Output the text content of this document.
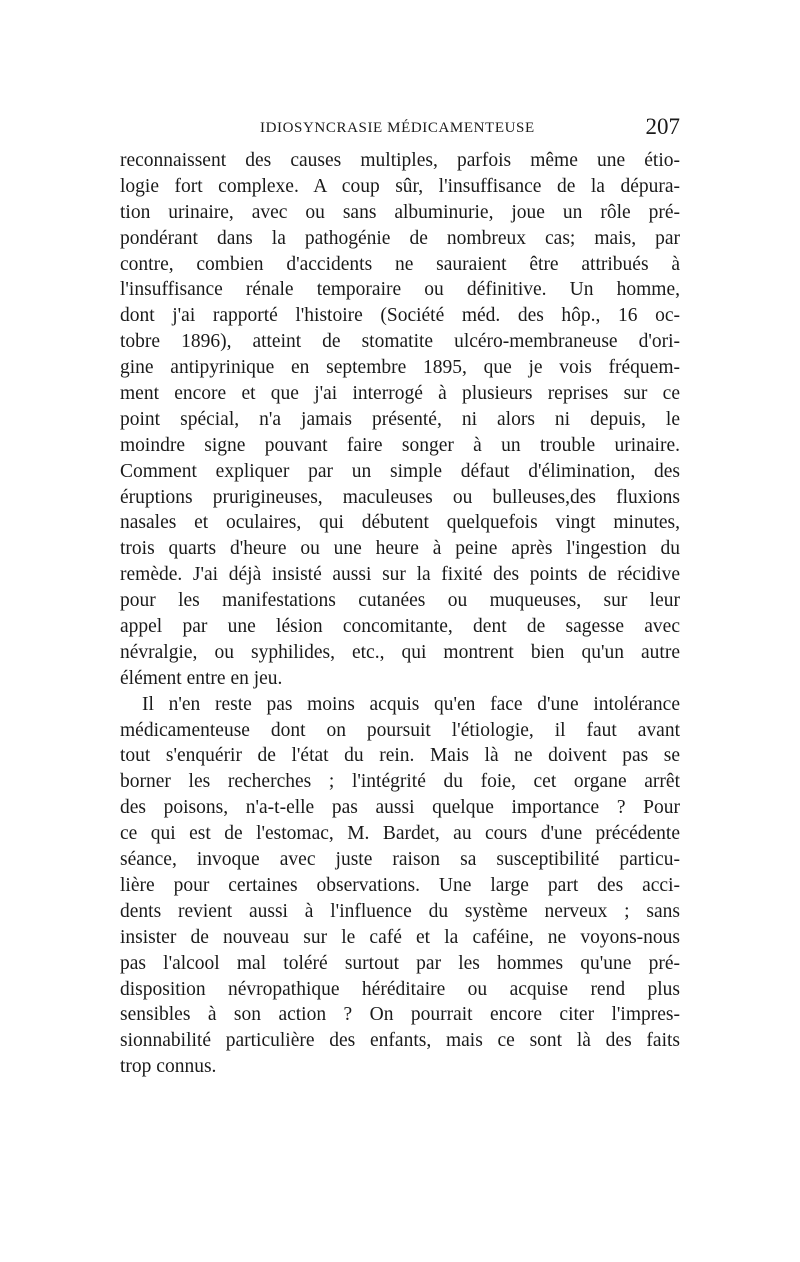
IDIOSYNCRASIE MÉDICAMENTEUSE	207
reconnaissent des causes multiples, parfois même une étio-
logie fort complexe. A coup sûr, l'insuffisance de la dépura-
tion urinaire, avec ou sans albuminurie, joue un rôle pré-
pondérant dans la pathogénie de nombreux cas; mais, par
contre, combien d'accidents ne sauraient être attribués à
l'insuffisance rénale temporaire ou définitive. Un homme,
dont j'ai rapporté l'histoire (Société méd. des hôp., 16 oc-
tobre 1896), atteint de stomatite ulcéro-membraneuse d'ori-
gine antipyrinique en septembre 1895, que je vois fréquem-
ment encore et que j'ai interrogé à plusieurs reprises sur ce
point spécial, n'a jamais présenté, ni alors ni depuis, le
moindre signe pouvant faire songer à un trouble urinaire.
Comment expliquer par un simple défaut d'élimination, des
éruptions prurigineuses, maculeuses ou bulleuses,des fluxions
nasales et oculaires, qui débutent quelquefois vingt minutes,
trois quarts d'heure ou une heure à peine après l'ingestion du
remède. J'ai déjà insisté aussi sur la fixité des points de récidive
pour les manifestations cutanées ou muqueuses, sur leur
appel par une lésion concomitante, dent de sagesse avec
névralgie, ou syphilides, etc., qui montrent bien qu'un autre
élément entre en jeu.
Il n'en reste pas moins acquis qu'en face d'une intolérance
médicamenteuse dont on poursuit l'étiologie, il faut avant
tout s'enquérir de l'état du rein. Mais là ne doivent pas se
borner les recherches ; l'intégrité du foie, cet organe arrêt
des poisons, n'a-t-elle pas aussi quelque importance ? Pour
ce qui est de l'estomac, M. Bardet, au cours d'une précédente
séance, invoque avec juste raison sa susceptibilité particu-
lière pour certaines observations. Une large part des acci-
dents revient aussi à l'influence du système nerveux ; sans
insister de nouveau sur le café et la caféine, ne voyons-nous
pas l'alcool mal toléré surtout par les hommes qu'une pré-
disposition névropathique héréditaire ou acquise rend plus
sensibles à son action ? On pourrait encore citer l'impres-
sionnabilité particulière des enfants, mais ce sont là des faits
trop connus.
